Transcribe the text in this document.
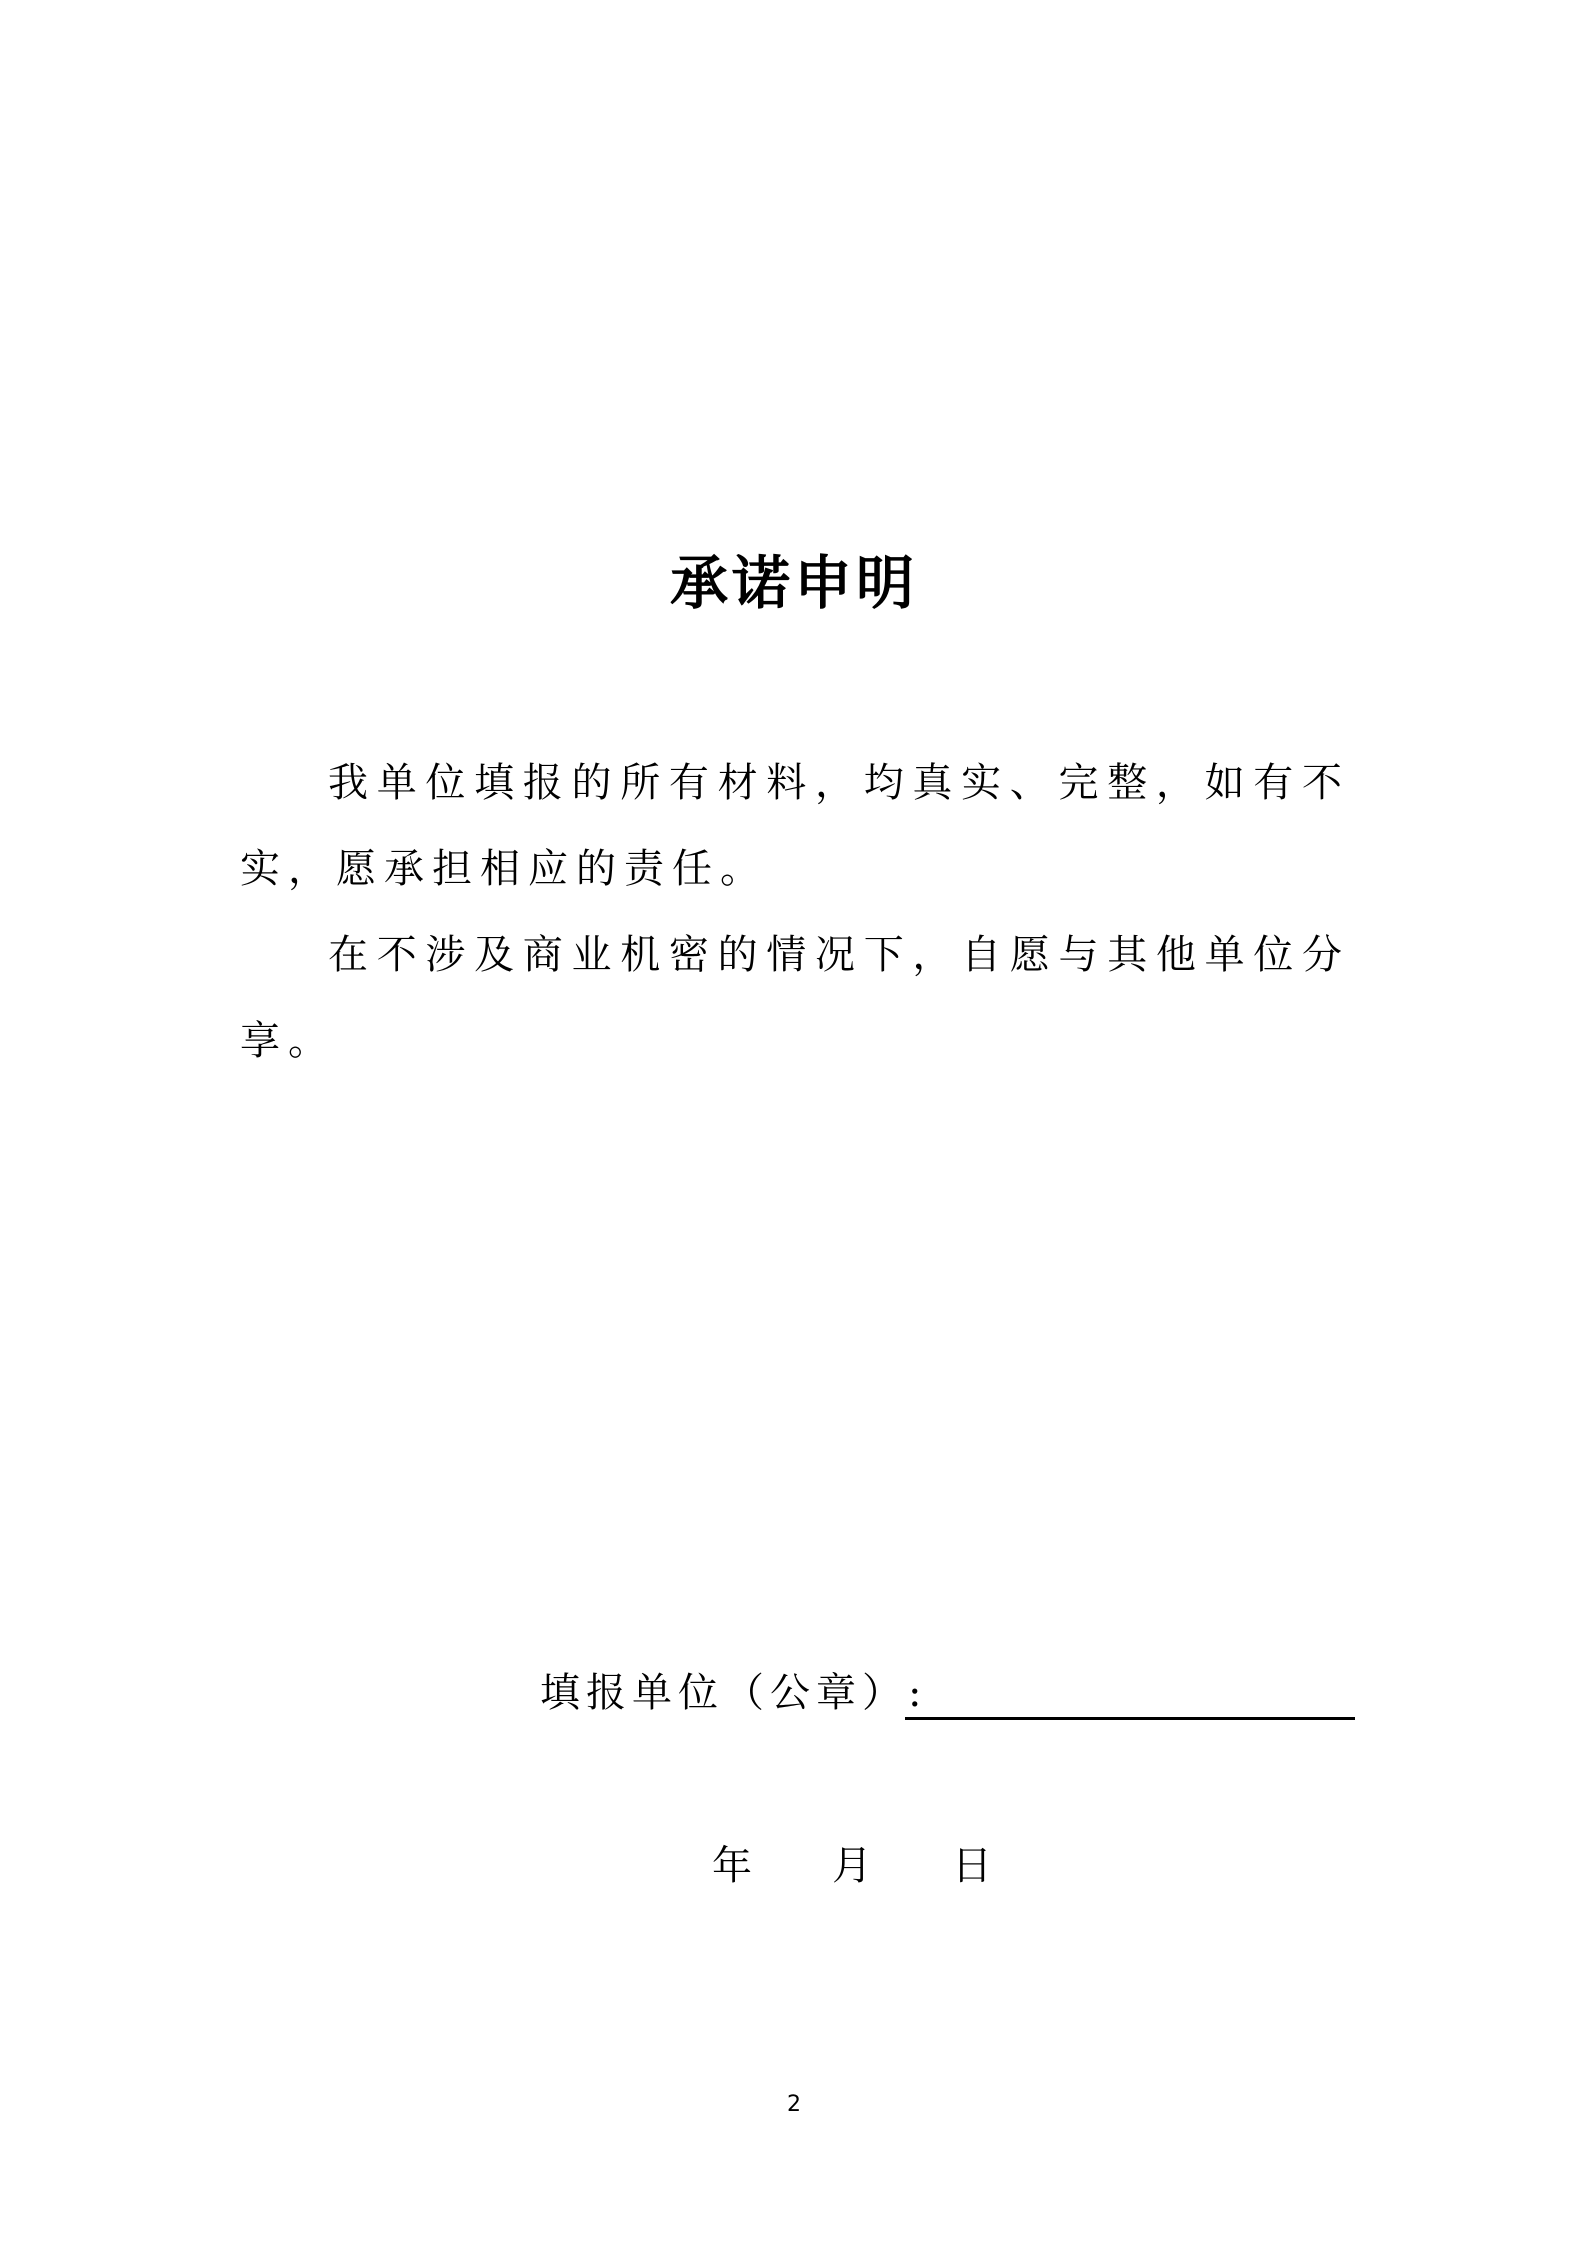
承诺申明

我单位填报的所有材料，均真实、完整，如有不实，愿承担相应的责任。

在不涉及商业机密的情况下，自愿与其他单位分享。

填报单位（公章）:
年 月 日
2
